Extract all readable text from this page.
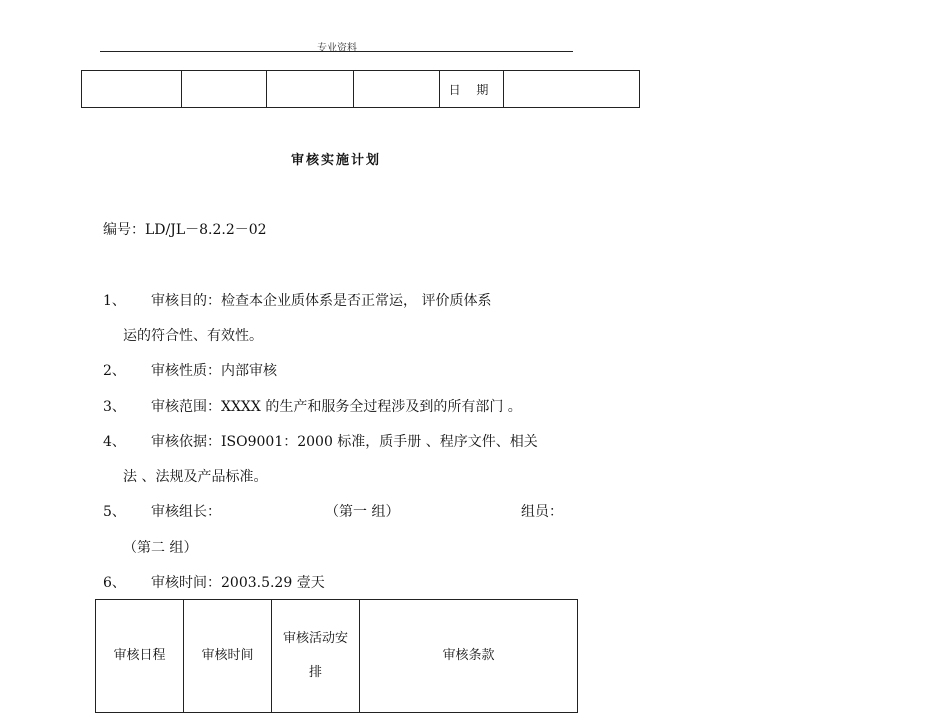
专业资料
				日 期	
审核实施计划
编号：LD/JL－8.2.2－02
1、 审核目的：检查本企业质体系是否正常运， 评价质体系
运的符合性、有效性。
2、 审核性质：内部审核
3、 审核范围：XXXX 的生产和服务全过程涉及到的所有部门 。
4、 审核依据：ISO9001：2000 标准，质手册 、程序文件、相关
法 、法规及产品标准。
5、 审核组长：	（第一 组）	组员：
（第二 组）
6、 审核时间：2003.5.29 壹天
审核日程	审核时间	审核活动安排	审核条款
